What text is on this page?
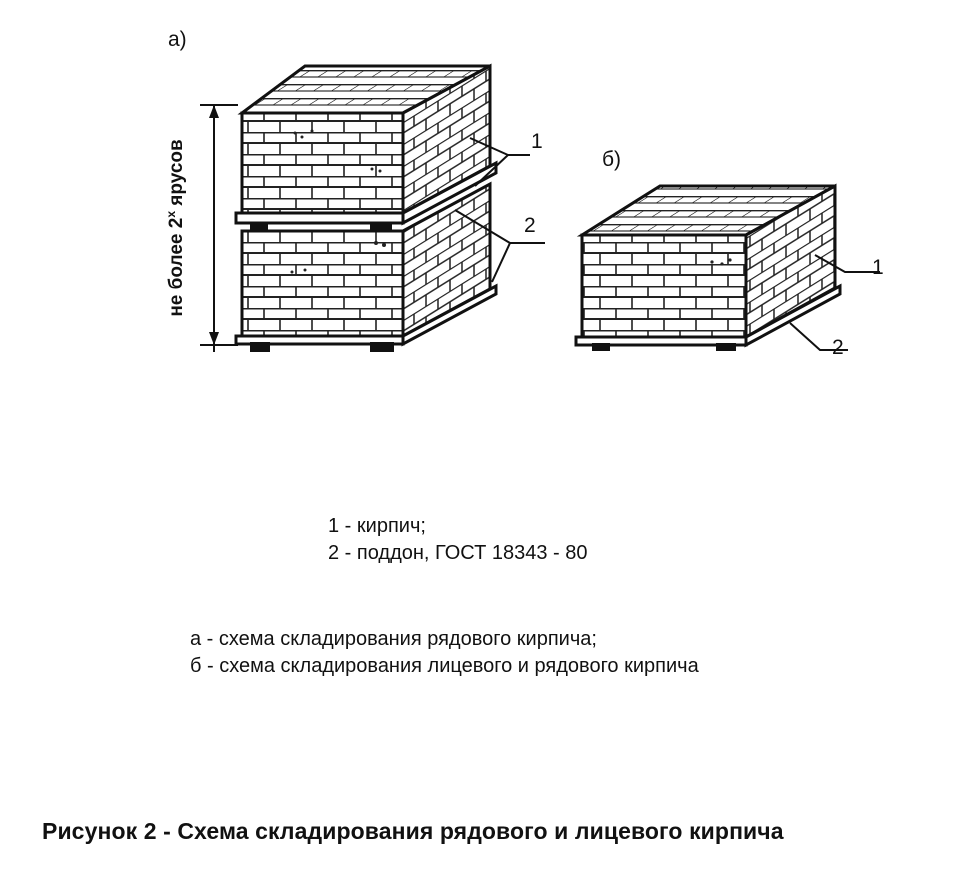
а)
б)
1
2
1
2
не более $2^х$ ярусов
1 - кирпич;
2 - поддон, ГОСТ 18343 - 80
а - схема складирования рядового кирпича;
б - схема складирования лицевого и рядового кирпича
Рисунок 2 - Схема складирования рядового и лицевого кирпича
